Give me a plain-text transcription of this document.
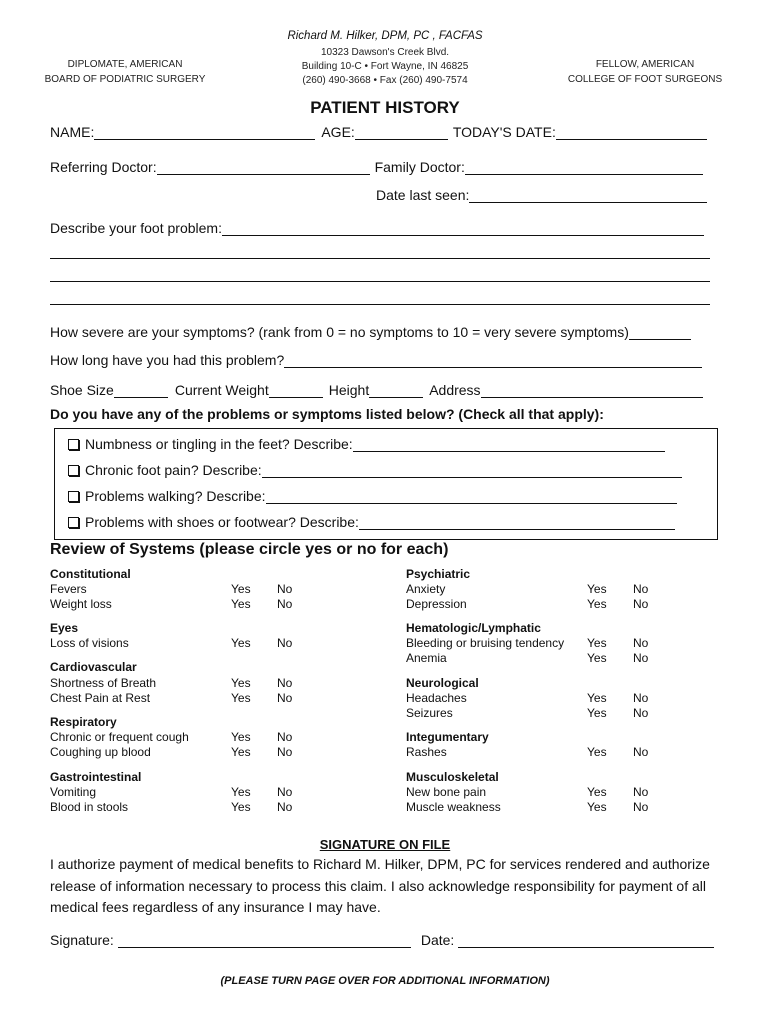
Richard M. Hilker, DPM, PC , FACFAS
10323 Dawson's Creek Blvd.
Building 10-C • Fort Wayne, IN 46825
(260) 490-3668 • Fax (260) 490-7574
DIPLOMATE, AMERICAN
BOARD OF PODIATRIC SURGERY
FELLOW, AMERICAN
COLLEGE OF FOOT SURGEONS
PATIENT HISTORY
NAME:	AGE:	TODAY'S DATE:
Referring Doctor:	Family Doctor:
Date last seen:
Describe your foot problem:
How severe are your symptoms? (rank from 0 = no symptoms to 10 = very severe symptoms)
How long have you had this problem?
Shoe Size	Current Weight	Height	Address
Do you have any of the problems or symptoms listed below? (Check all that apply):
Numbness or tingling in the feet? Describe:
Chronic foot pain? Describe:
Problems walking? Describe:
Problems with shoes or footwear? Describe:
Review of Systems (please circle yes or no for each)
Constitutional
Fevers	Yes No
Weight loss	Yes No
Eyes
Loss of visions	Yes No
Cardiovascular
Shortness of Breath	Yes No
Chest Pain at Rest	Yes No
Respiratory
Chronic or frequent cough	Yes No
Coughing up blood	Yes No
Gastrointestinal
Vomiting	Yes No
Blood in stools	Yes No
Psychiatric
Anxiety	Yes No
Depression	Yes No
Hematologic/Lymphatic
Bleeding or bruising tendency Yes No
Anemia	Yes No
Neurological
Headaches	Yes No
Seizures	Yes No
Integumentary
Rashes	Yes No
Musculoskeletal
New bone pain	Yes No
Muscle weakness	Yes No
SIGNATURE ON FILE
I authorize payment of medical benefits to Richard M. Hilker, DPM, PC for services rendered and authorize release of information necessary to process this claim. I also acknowledge responsibility for payment of all medical fees regardless of any insurance I may have.
Signature:	Date:
(PLEASE TURN PAGE OVER FOR ADDITIONAL INFORMATION)
